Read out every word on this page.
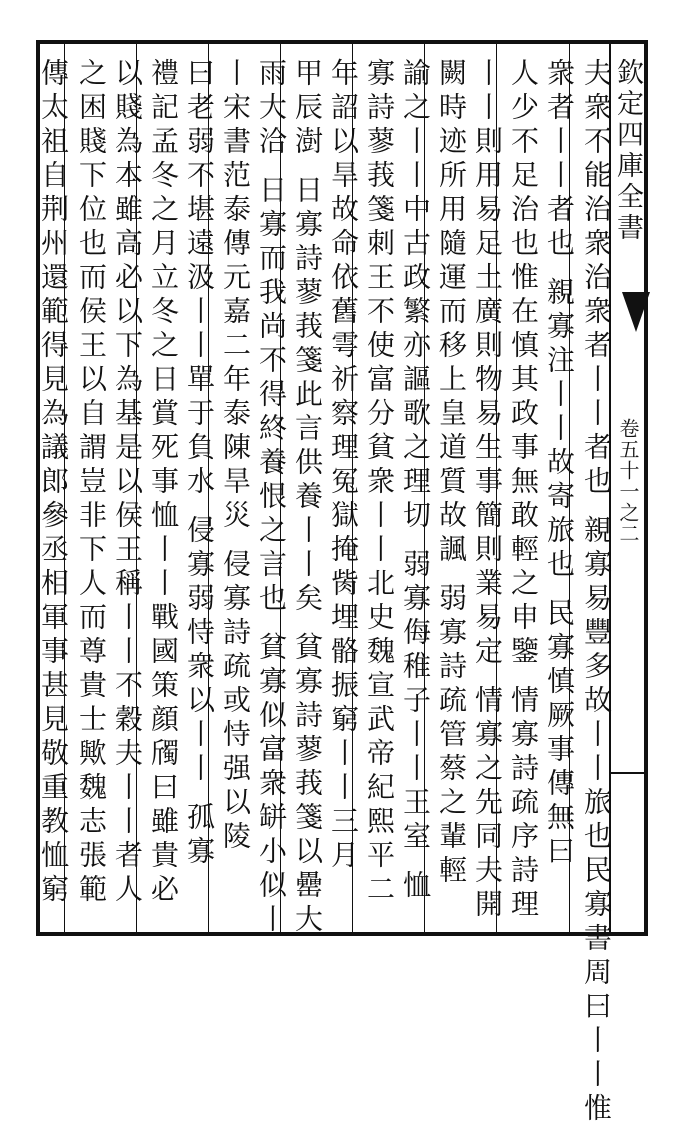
欽定四庫全書
卷五十一之二
夫衆不能治衆治衆者丨丨者也 親寡易豐多故丨丨旅也民寡書周曰丨丨惟
衆者丨丨者也 親寡注丨丨故寄旅也 民寡慎厥事傳無曰
人少不足治也惟在慎其政事無敢輕之申鑒 情寡詩疏序詩理
丨丨則用易足土廣則物易生事簡則業易定 情寡之先同夫開
闕時迹所用隨運而移上皇道質故諷 弱寡詩疏管蔡之輩輕
諭之丨丨中古政繁亦謳歌之理切 弱寡侮稚子丨丨王室 恤
寡詩蓼莪箋刺王不使富分貧衆丨丨北史魏宣武帝紀熙平二
年詔以旱故命依舊雩祈察理冤獄掩胔埋骼振窮丨丨三月
甲辰澍 日寡詩蓼莪箋此言供養丨丨矣 貧寡詩蓼莪箋以罍大
雨大洽 日寡而我尚不得終養恨之言也 貧寡似富衆缾小似丨
丨宋書范泰傳元嘉二年泰陳旱災 侵寡詩疏或恃强以陵
曰老弱不堪遠汲丨丨單于負水 侵寡弱恃衆以丨丨 孤寡
禮記孟冬之月立冬之日賞死事恤丨丨戰國策顔斶曰雖貴必
以賤為本雖高必以下為基是以侯王稱丨丨不穀夫丨丨者人
之困賤下位也而侯王以自謂豈非下人而尊貴士歟魏志張範
傳太祖自荆州還範得見為議郎參丞相軍事甚見敬重教恤窮
